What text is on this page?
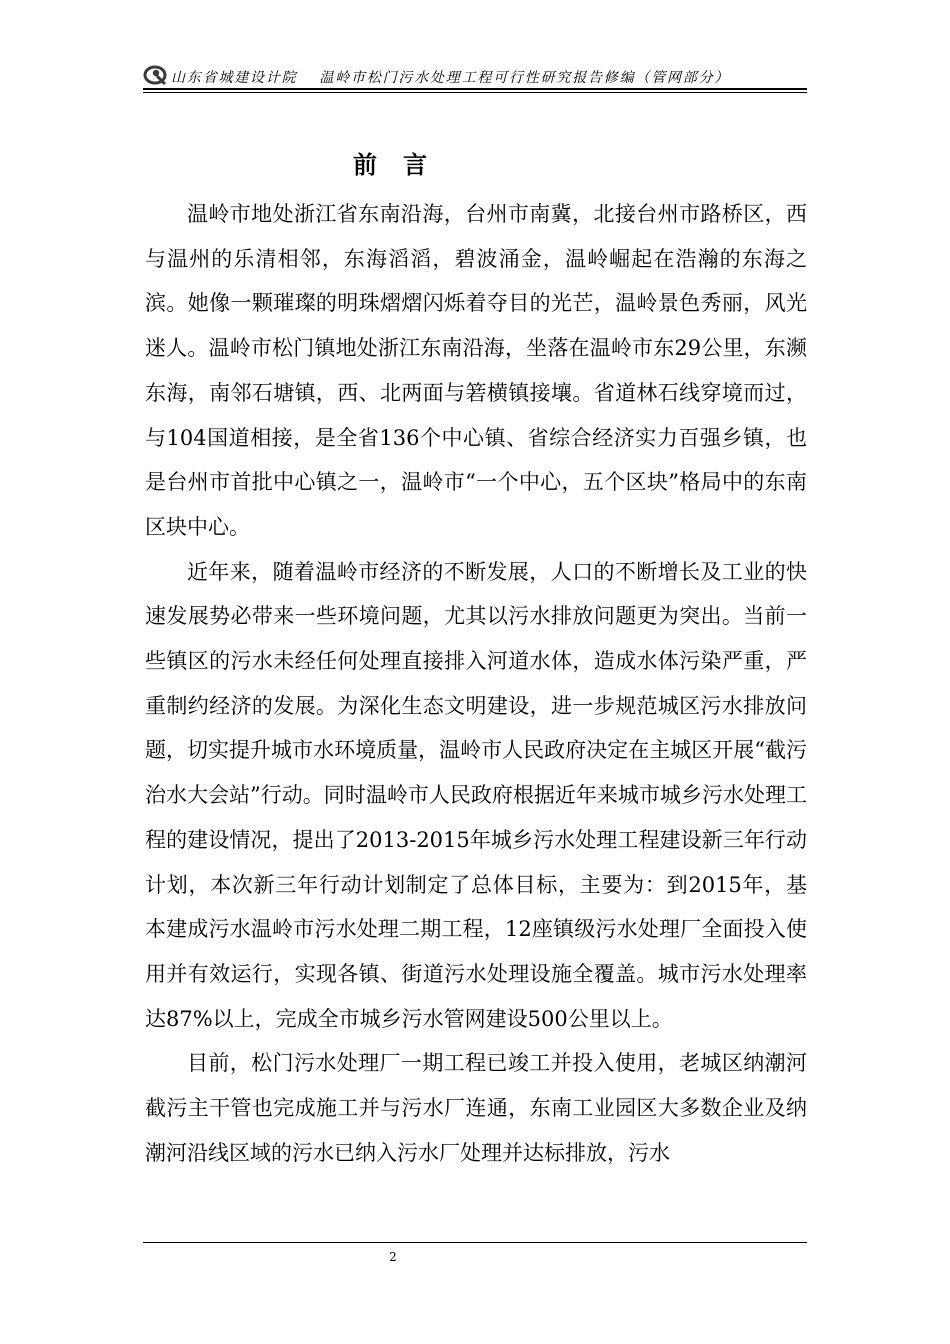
山东省城建设计院 温岭市松门污水处理工程可行性研究报告修编（管网部分）
前言

温岭市地处浙江省东南沿海，台州市南冀，北接台州市路桥区，西与温州的乐清相邻，东海滔滔，碧波涌金，温岭崛起在浩瀚的东海之滨。她像一颗璀璨的明珠熠熠闪烁着夺目的光芒，温岭景色秀丽，风光迷人。温岭市松门镇地处浙江东南沿海，坐落在温岭市东29公里，东濒东海，南邻石塘镇，西、北两面与箬横镇接壤。省道林石线穿境而过，与104国道相接，是全省136个中心镇、省综合经济实力百强乡镇，也是台州市首批中心镇之一，温岭市“一个中心，五个区块”格局中的东南区块中心。

近年来，随着温岭市经济的不断发展，人口的不断增长及工业的快速发展势必带来一些环境问题，尤其以污水排放问题更为突出。当前一些镇区的污水未经任何处理直接排入河道水体，造成水体污染严重，严重制约经济的发展。为深化生态文明建设，进一步规范城区污水排放问题，切实提升城市水环境质量，温岭市人民政府决定在主城区开展“截污治水大会站”行动。同时温岭市人民政府根据近年来城市城乡污水处理工程的建设情况，提出了2013-2015年城乡污水处理工程建设新三年行动计划，本次新三年行动计划制定了总体目标，主要为：到2015年，基本建成污水温岭市污水处理二期工程，12座镇级污水处理厂全面投入使用并有效运行，实现各镇、街道污水处理设施全覆盖。城市污水处理率达87%以上，完成全市城乡污水管网建设500公里以上。

目前，松门污水处理厂一期工程已竣工并投入使用，老城区纳潮河截污主干管也完成施工并与污水厂连通，东南工业园区大多数企业及纳潮河沿线区域的污水已纳入污水厂处理并达标排放，污水

2
